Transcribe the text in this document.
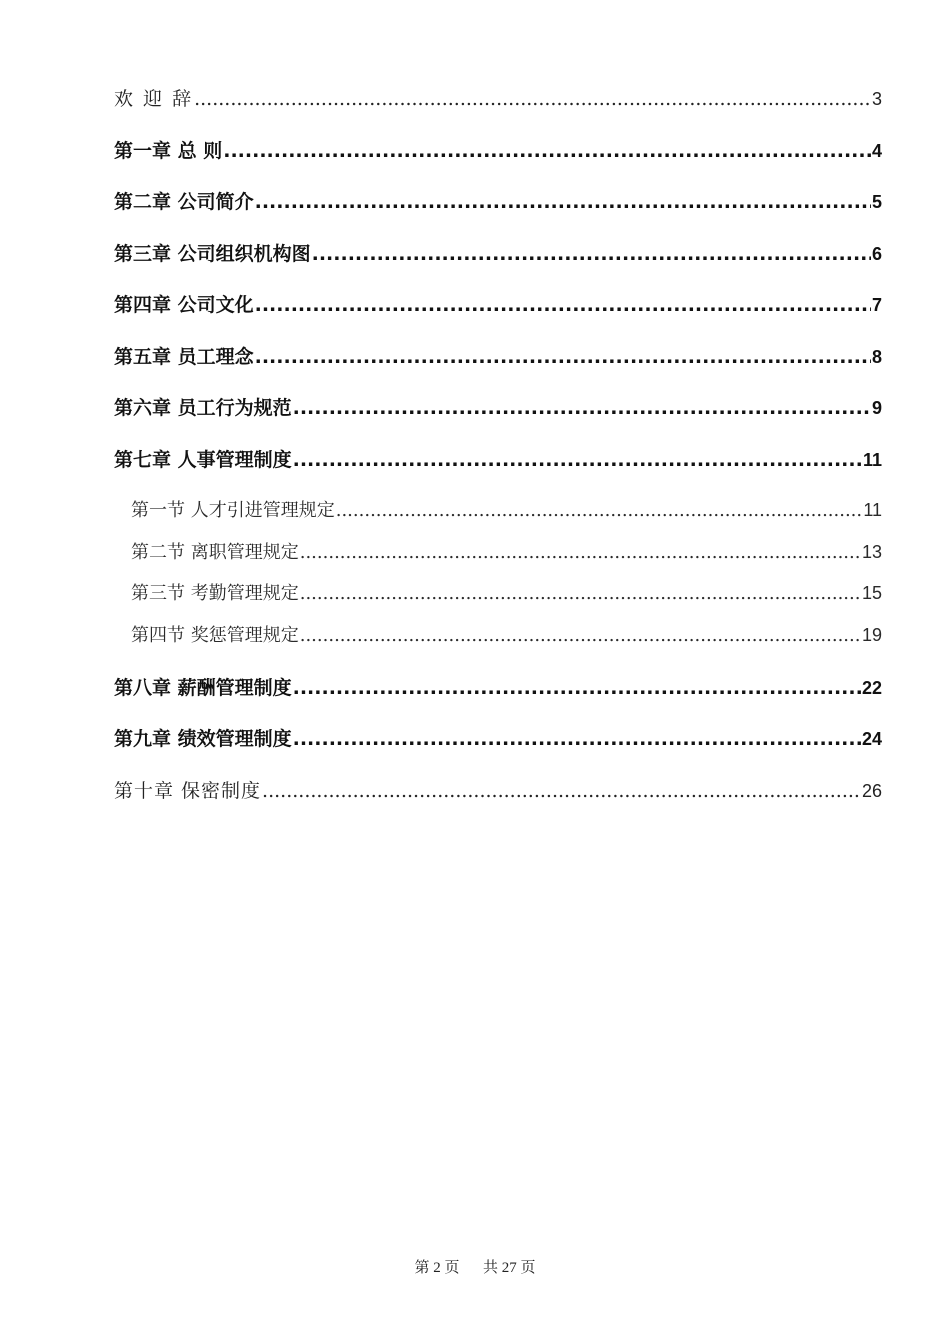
欢 迎 辞 .....	3
第一章 总 则 .....	4
第二章 公司简介 .....	5
第三章 公司组织机构图 .....	6
第四章 公司文化 .....	7
第五章 员工理念 .....	8
第六章 员工行为规范 .....	9
第七章 人事管理制度 .....	11
第一节 人才引进管理规定 .....	11
第二节 离职管理规定 .....	13
第三节 考勤管理规定 .....	15
第四节 奖惩管理规定 .....	19
第八章 薪酬管理制度 .....	22
第九章 绩效管理制度 .....	24
第十章 保密制度 .....	26
第 2 页 共 27 页
